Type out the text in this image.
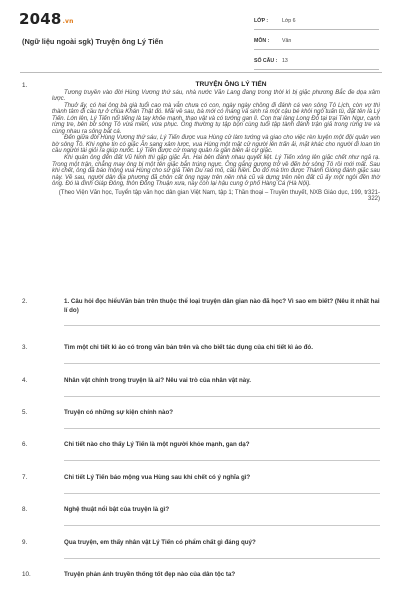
2048.vn
(Ngữ liệu ngoài sgk) Truyện ông Lý Tiến
LỚP :	Lớp 6
MÔN :	Văn
SỐ CÂU : 13
1.	TRUYỆN ÔNG LÝ TIẾN

Tương truyền vào đời Hùng Vương thứ sáu, nhà nước Văn Lang đang trong thời kì bị giặc phương Bắc đe dọa xâm lược.

Thuở ấy, có hai ông bà già tuổi cao mà vẫn chưa có con, ngày ngày chồng đi đánh cá ven sông Tô Lịch, còn vợ thì thành tâm đi cầu tự ở chùa Khán Thật đó. Mãi về sau, bà mới có mang và sinh ra một cậu bé khôi ngô tuấn tú, đặt tên là Lý Tiến. Lớn lên, Lý Tiến nổi tiếng là tay khỏe mạnh, thạo vật và có tướng gan lì. Con trai làng Long Đỗ tại trại Tiên Ngư, cạnh rừng tre, bên bờ sông Tô vừa miền, vừa phục. Ông thường tụ tập bọn cùng tuổi tập tành đánh trận giả trong rừng tre và cùng nhau ra sông bắt cá.

Đến giữa đời Hùng Vương thứ sáu, Lý Tiến được vua Hùng cử làm tướng và giao cho việc rèn luyện một đội quân ven bờ sông Tô. Khi nghe tin có giặc Ân sang xâm lược, vua Hùng một mặt cử người lên trấn ải, mặt khác cho người đi loan tin cầu người tài giỏi ra giúp nước. Lý Tiến được cử mang quân ra gần biên ải cự giặc.

Khi quân ông đến đất Vũ Ninh thì gặp giặc Ân. Hai bên đánh nhau quyết liệt. Lý Tiến xông lên giặc chết như ngả rạ. Trong một trận, chẳng may ông bị một tên giặc bắn trúng ngực. Ông gắng gượng trở về đến bờ sông Tô rồi mới mất. Sau khi chết, ông đã báo mộng vua Hùng cho sứ giả Tiên Du rao mõ, cầu hiền. Do đó mà tìm được Thánh Gióng đánh giặc sau này. Về sau, người dân địa phương đã chôn cất ông ngay trên nền nhà cũ và dựng trên nền đất cũ ấy một ngôi đền thờ ông. Đó là đình Giáp Đông, thôn Đông Thuận xưa, nay còn lại hậu cung ở phố Hàng Cá (Hà Nội).

(Theo Viện Văn học, Tuyển tập văn học dân gian Việt Nam, tập 1; Thần thoại – Truyền thuyết, NXB Giáo dục, 199, tr321-322)
2.	1. Câu hỏi đọc hiểuVăn bản trên thuộc thể loại truyện dân gian nào đã học? Vì sao em biết? (Nêu ít nhất hai lí do)
3.	Tìm một chi tiết kì ảo có trong văn bản trên và cho biết tác dụng của chi tiết kì ảo đó.
4.	Nhân vật chính trong truyện là ai? Nêu vai trò của nhân vật này.
5.	Truyện có những sự kiện chính nào?
6.	Chi tiết nào cho thấy Lý Tiến là một người khỏe mạnh, gan dạ?
7.	Chi tiết Lý Tiến báo mộng vua Hùng sau khi chết có ý nghĩa gì?
8.	Nghệ thuật nổi bật của truyện là gì?
9.	Qua truyện, em thấy nhân vật Lý Tiến có phẩm chất gì đáng quý?
10.	Truyện phản ánh truyền thống tốt đẹp nào của dân tộc ta?
